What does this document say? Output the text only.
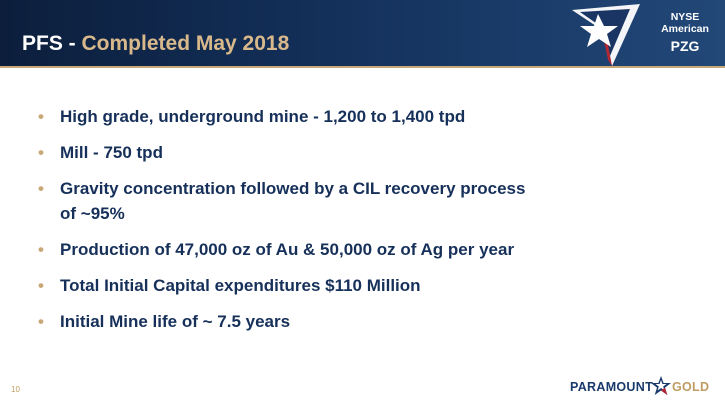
PFS - Completed May 2018
NYSE
American
PZG
• High grade, underground mine - 1,200 to 1,400 tpd
• Mill - 750 tpd
• Gravity concentration followed by a CIL recovery process
of ~95%
• Production of 47,000 oz of Au & 50,000 oz of Ag per year
• Total Initial Capital expenditures $110 Million
• Initial Mine life of ~ 7.5 years
10	PARAMOUNT GOLD
